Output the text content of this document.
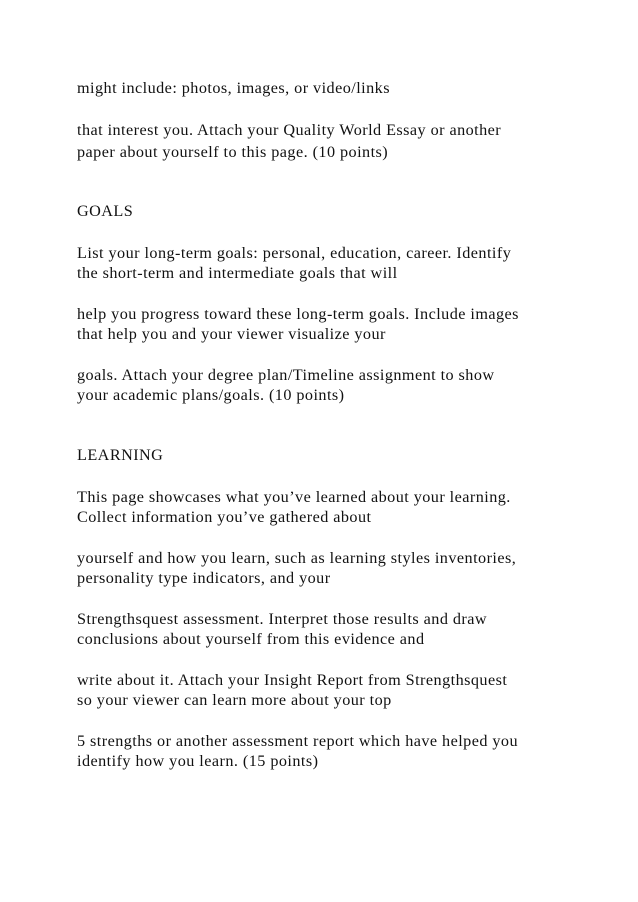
might include: photos, images, or video/links
that interest you. Attach your Quality World Essay or another
paper about yourself to this page. (10 points)
GOALS
List your long-term goals: personal, education, career. Identify
the short-term and intermediate goals that will
help you progress toward these long-term goals. Include images
that help you and your viewer visualize your
goals. Attach your degree plan/Timeline assignment to show
your academic plans/goals. (10 points)
LEARNING
This page showcases what you’ve learned about your learning.
Collect information you’ve gathered about
yourself and how you learn, such as learning styles inventories,
personality type indicators, and your
Strengthsquest assessment. Interpret those results and draw
conclusions about yourself from this evidence and
write about it. Attach your Insight Report from Strengthsquest
so your viewer can learn more about your top
5 strengths or another assessment report which have helped you
identify how you learn. (15 points)
